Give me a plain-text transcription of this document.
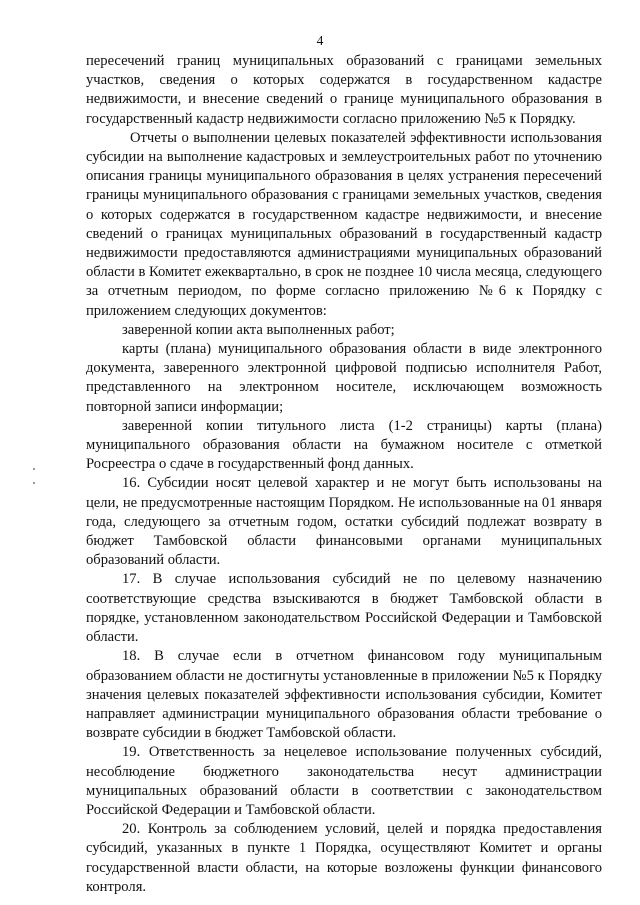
4

пересечений границ муниципальных образований с границами земельных участков, сведения о которых содержатся в государственном кадастре недвижимости, и внесение сведений о границе муниципального образования в государственный кадастр недвижимости согласно приложению №5 к Порядку.

Отчеты о выполнении целевых показателей эффективности использования субсидии на выполнение кадастровых и землеустроительных работ по уточнению описания границы муниципального образования в целях устранения пересечений границы муниципального образования с границами земельных участков, сведения о которых содержатся в государственном кадастре недвижимости, и внесение сведений о границах муниципальных образований в государственный кадастр недвижимости предоставляются администрациями муниципальных образований области в Комитет ежеквартально, в срок не позднее 10 числа месяца, следующего за отчетным периодом, по форме согласно приложению №6 к Порядку с приложением следующих документов:

заверенной копии акта выполненных работ;

карты (плана) муниципального образования области в виде электронного документа, заверенного электронной цифровой подписью исполнителя Работ, представленного на электронном носителе, исключающем возможность повторной записи информации;

заверенной копии титульного листа (1-2 страницы) карты (плана) муниципального образования области на бумажном носителе с отметкой Росреестра о сдаче в государственный фонд данных.

16. Субсидии носят целевой характер и не могут быть использованы на цели, не предусмотренные настоящим Порядком. Не использованные на 01 января года, следующего за отчетным годом, остатки субсидий подлежат возврату в бюджет Тамбовской области финансовыми органами муниципальных образований области.

17. В случае использования субсидий не по целевому назначению соответствующие средства взыскиваются в бюджет Тамбовской области в порядке, установленном законодательством Российской Федерации и Тамбовской области.

18. В случае если в отчетном финансовом году муниципальным образованием области не достигнуты установленные в приложении №5 к Порядку значения целевых показателей эффективности использования субсидии, Комитет направляет администрации муниципального образования области требование о возврате субсидии в бюджет Тамбовской области.

19. Ответственность за нецелевое использование полученных субсидий, несоблюдение бюджетного законодательства несут администрации муниципальных образований области в соответствии с законодательством Российской Федерации и Тамбовской области.

20. Контроль за соблюдением условий, целей и порядка предоставления субсидий, указанных в пункте 1 Порядка, осуществляют Комитет и органы государственной власти области, на которые возложены функции финансового контроля.
